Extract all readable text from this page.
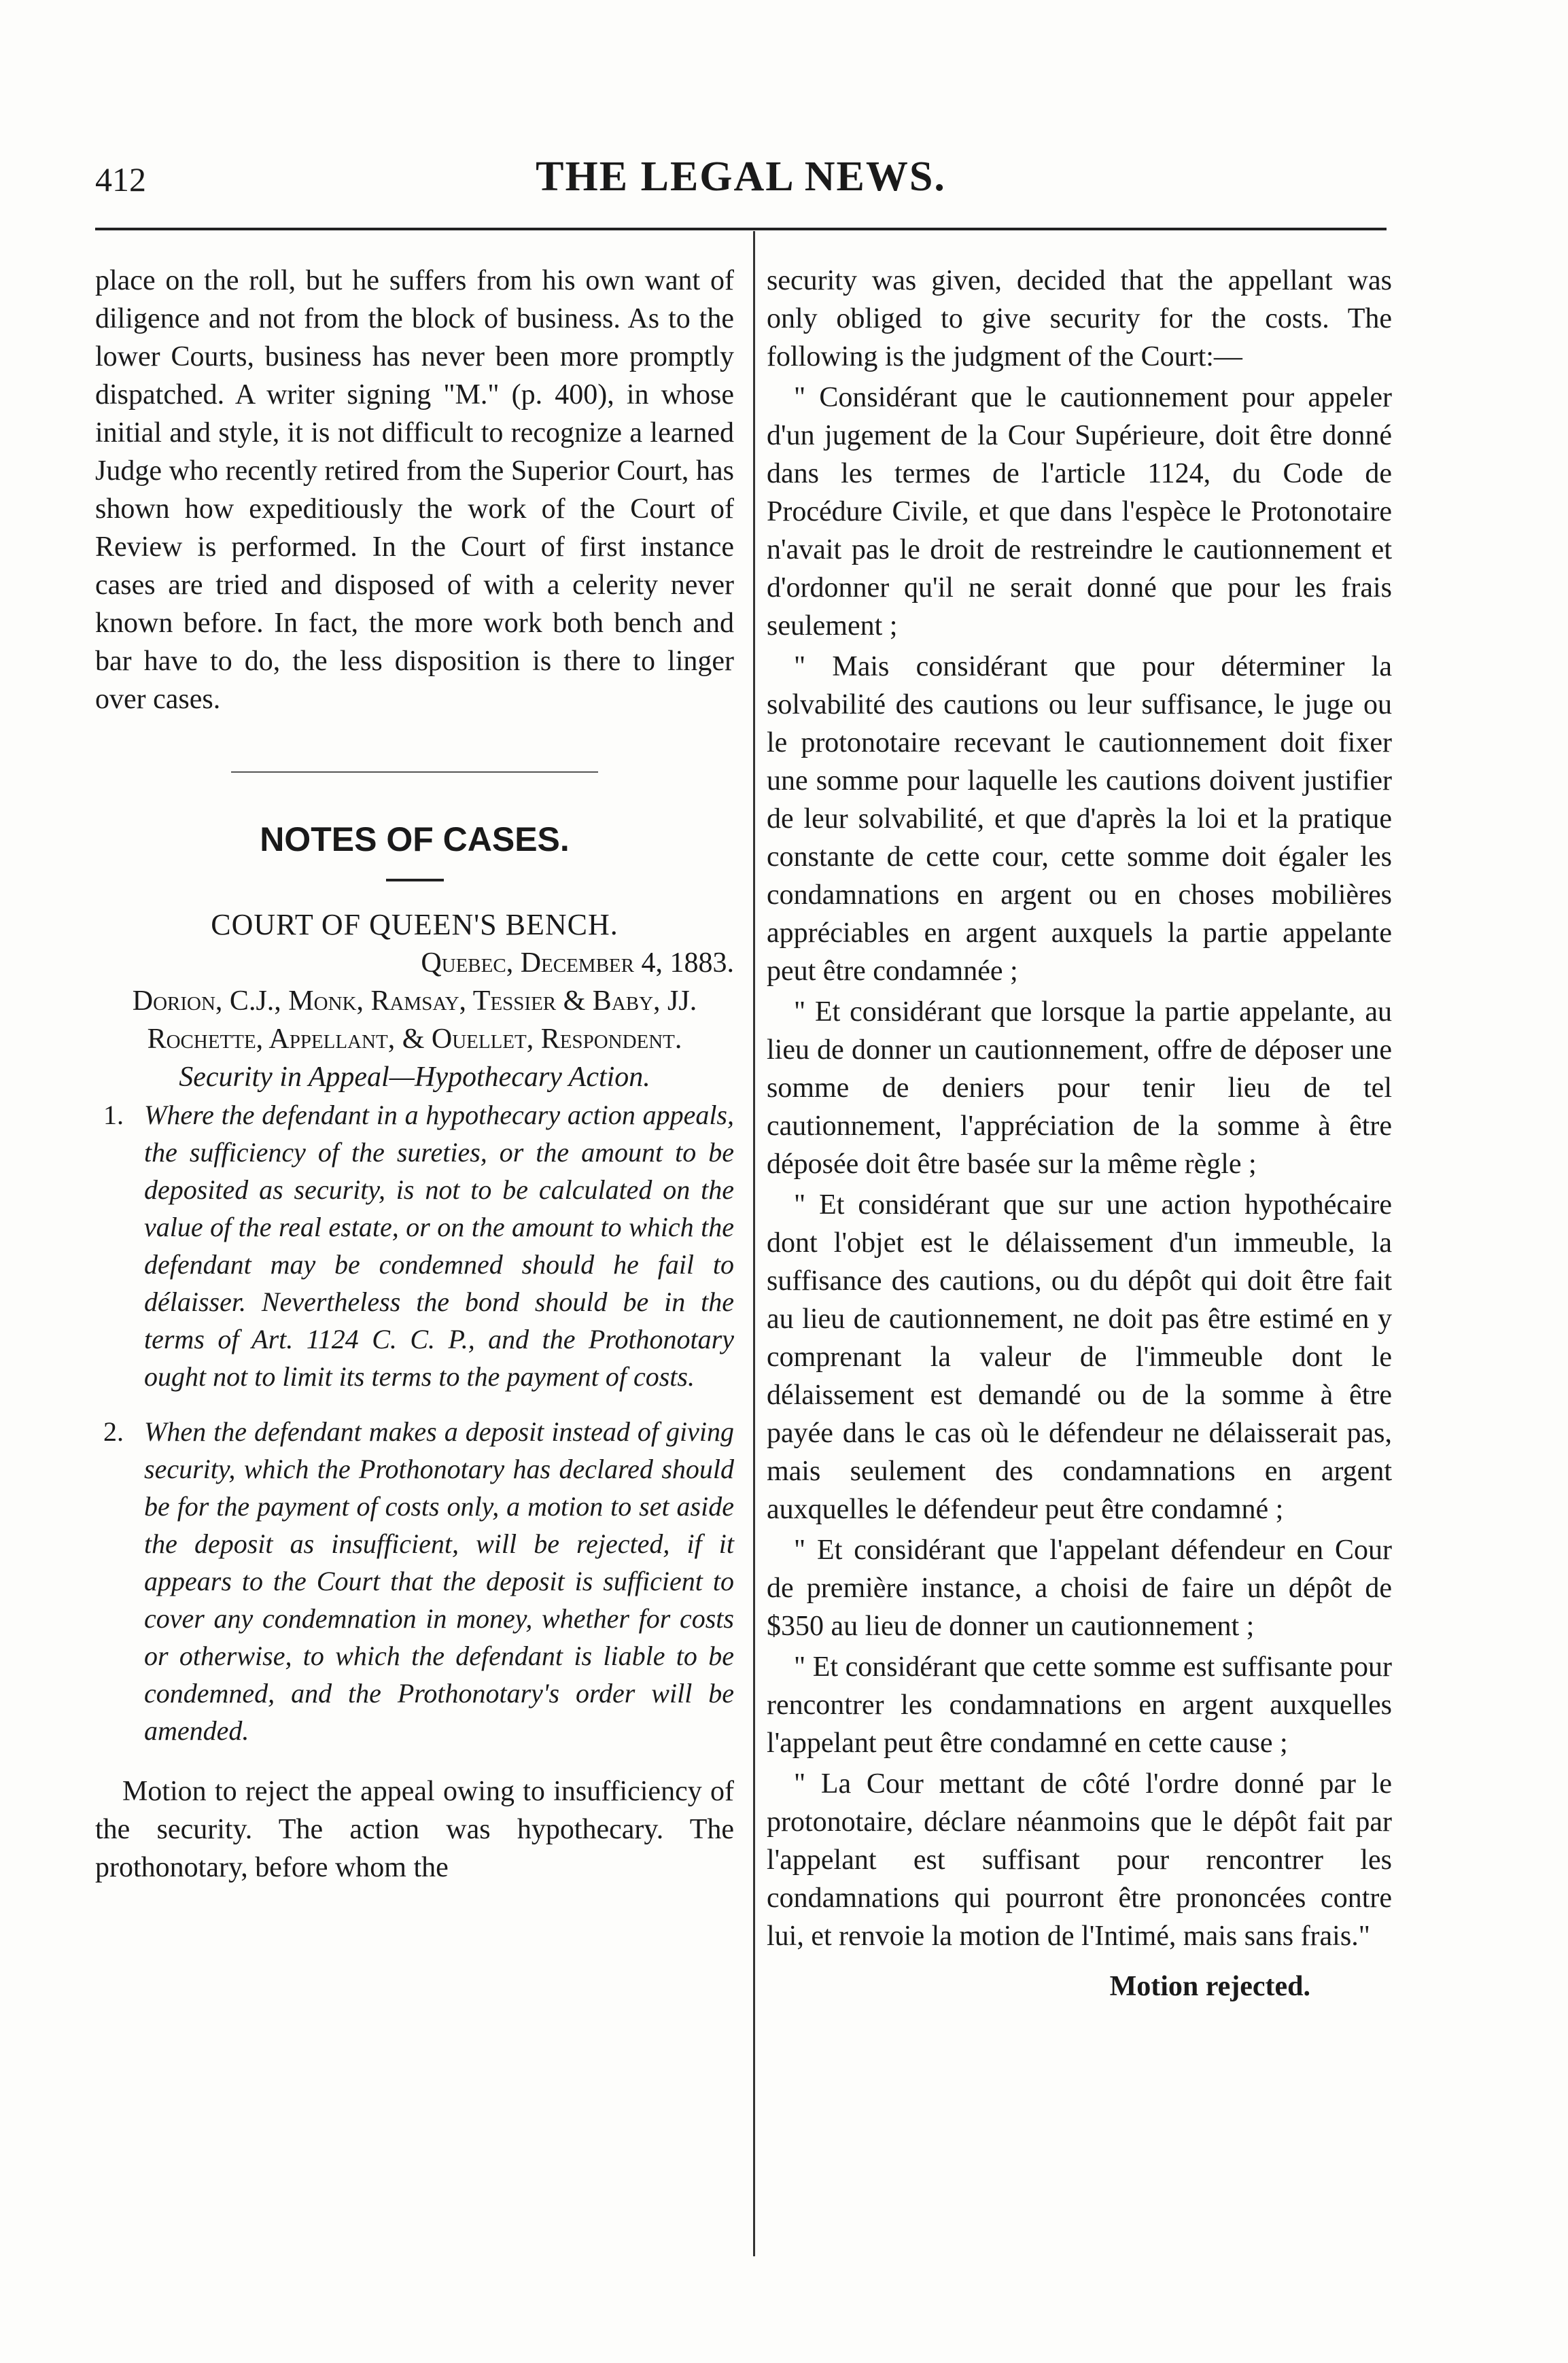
THE LEGAL NEWS.
412

place on the roll, but he suffers from his own want of diligence and not from the block of business. As to the lower Courts, business has never been more promptly dispatched. A writer signing "M." (p. 400), in whose initial and style, it is not difficult to recognize a learned Judge who recently retired from the Superior Court, has shown how expeditiously the work of the Court of Review is performed. In the Court of first instance cases are tried and disposed of with a celerity never known before. In fact, the more work both bench and bar have to do, the less disposition is there to linger over cases.

NOTES OF CASES.

COURT OF QUEEN'S BENCH.

Quebec, December 4, 1883.

Dorion, C.J., Monk, Ramsay, Tessier & Baby, JJ.

Rochette, Appellant, & Ouellet, Respondent.

Security in Appeal—Hypothecary Action.

1. Where the defendant in a hypothecary action appeals, the sufficiency of the sureties, or the amount to be deposited as security, is not to be calculated on the value of the real estate, or on the amount to which the defendant may be condemned should he fail to délaisser. Nevertheless the bond should be in the terms of Art. 1124 C. C. P., and the Prothonotary ought not to limit its terms to the payment of costs.
2. When the defendant makes a deposit instead of giving security, which the Prothonotary has declared should be for the payment of costs only, a motion to set aside the deposit as insufficient, will be rejected, if it appears to the Court that the deposit is sufficient to cover any condemnation in money, whether for costs or otherwise, to which the defendant is liable to be condemned, and the Prothonotary's order will be amended.

Motion to reject the appeal owing to insufficiency of the security. The action was hypothecary. The prothonotary, before whom the

security was given, decided that the appellant was only obliged to give security for the costs. The following is the judgment of the Court:—

" Considérant que le cautionnement pour appeler d'un jugement de la Cour Supérieure, doit être donné dans les termes de l'article 1124, du Code de Procédure Civile, et que dans l'espèce le Protonotaire n'avait pas le droit de restreindre le cautionnement et d'ordonner qu'il ne serait donné que pour les frais seulement ;

" Mais considérant que pour déterminer la solvabilité des cautions ou leur suffisance, le juge ou le protonotaire recevant le cautionnement doit fixer une somme pour laquelle les cautions doivent justifier de leur solvabilité, et que d'après la loi et la pratique constante de cette cour, cette somme doit égaler les condamnations en argent ou en choses mobilières appréciables en argent auxquels la partie appelante peut être condamnée ;

" Et considérant que lorsque la partie appelante, au lieu de donner un cautionnement, offre de déposer une somme de deniers pour tenir lieu de tel cautionnement, l'appréciation de la somme à être déposée doit être basée sur la même règle ;

" Et considérant que sur une action hypothécaire dont l'objet est le délaissement d'un immeuble, la suffisance des cautions, ou du dépôt qui doit être fait au lieu de cautionnement, ne doit pas être estimé en y comprenant la valeur de l'immeuble dont le délaissement est demandé ou de la somme à être payée dans le cas où le défendeur ne délaisserait pas, mais seulement des condamnations en argent auxquelles le défendeur peut être condamné ;

" Et considérant que l'appelant défendeur en Cour de première instance, a choisi de faire un dépôt de $350 au lieu de donner un cautionnement ;

" Et considérant que cette somme est suffisante pour rencontrer les condamnations en argent auxquelles l'appelant peut être condamné en cette cause ;

" La Cour mettant de côté l'ordre donné par le protonotaire, déclare néanmoins que le dépôt fait par l'appelant est suffisant pour rencontrer les condamnations qui pourront être prononcées contre lui, et renvoie la motion de l'Intimé, mais sans frais."

Motion rejected.
